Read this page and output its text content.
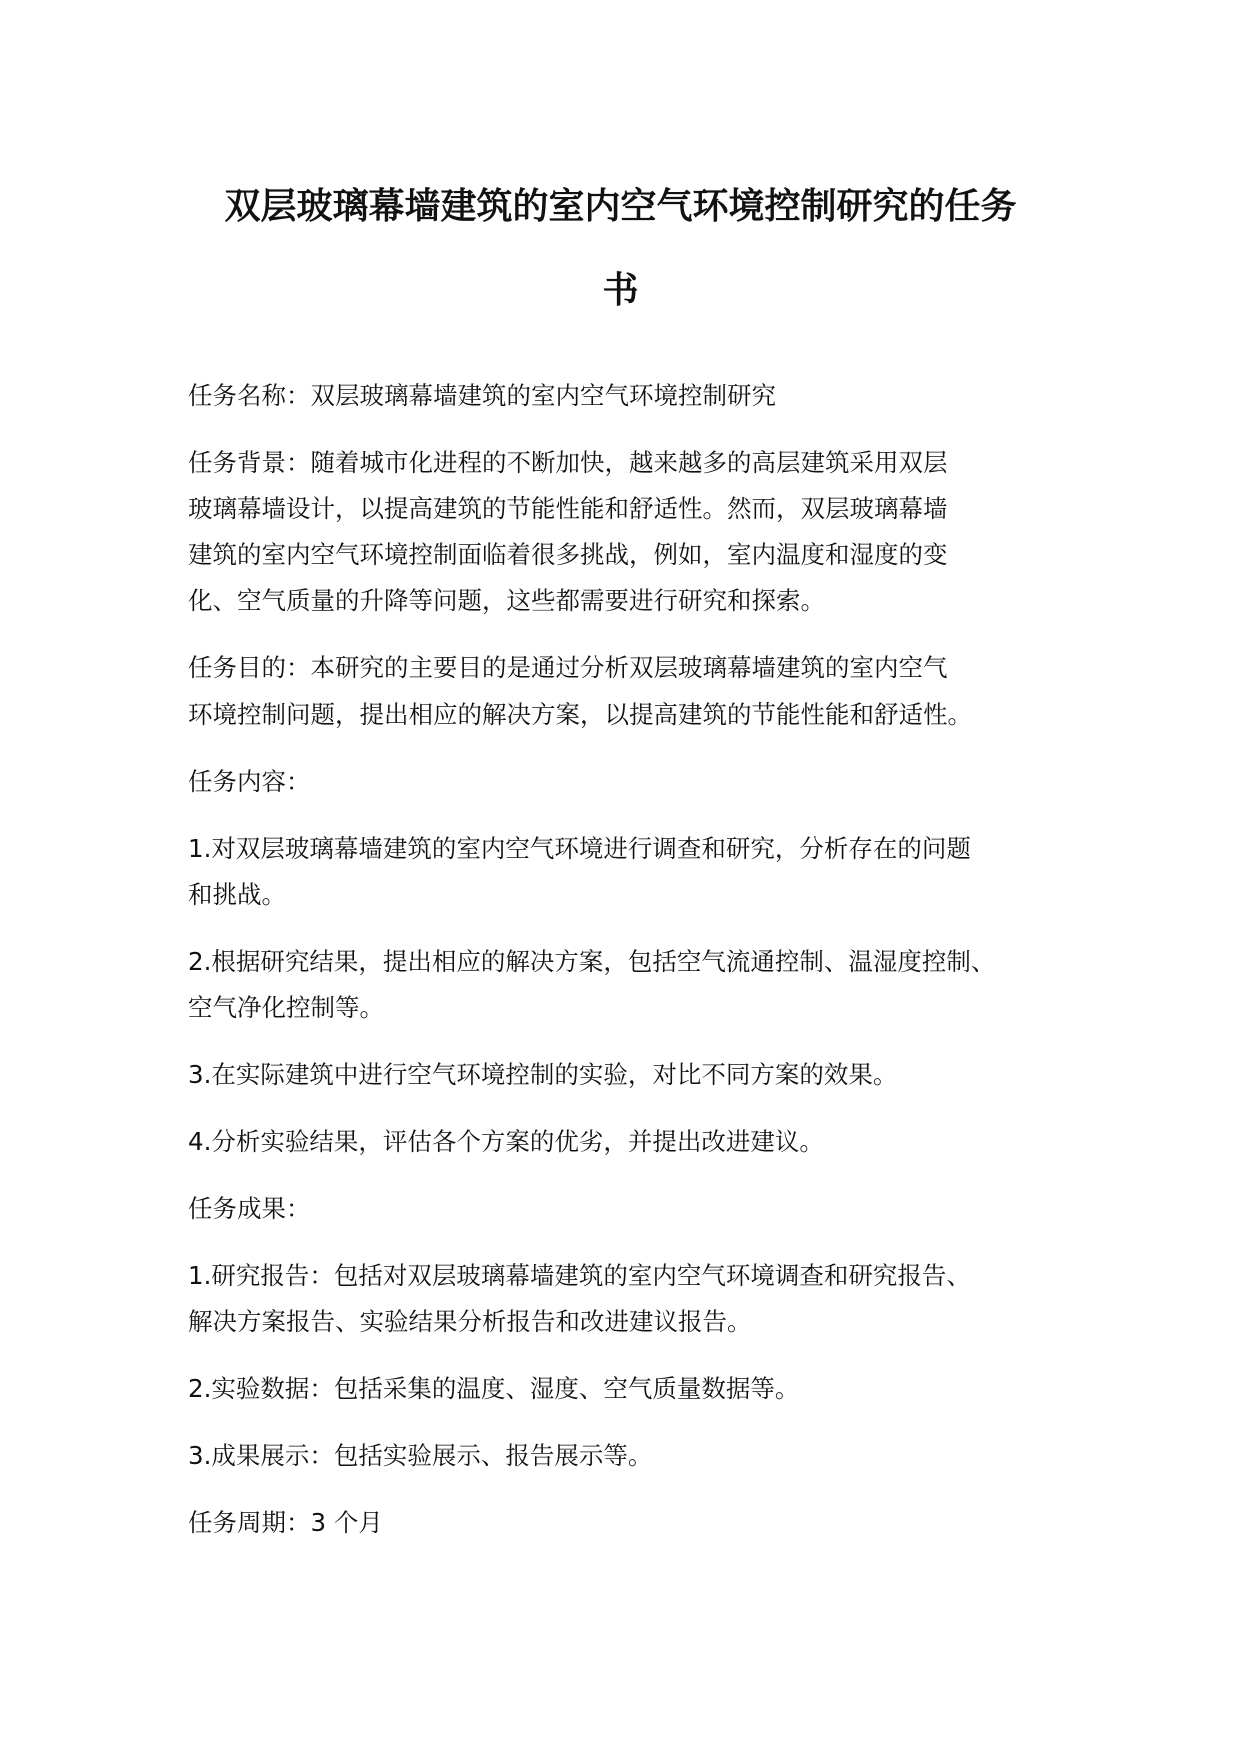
双层玻璃幕墙建筑的室内空气环境控制研究的任务
书

任务名称：双层玻璃幕墙建筑的室内空气环境控制研究

任务背景：随着城市化进程的不断加快，越来越多的高层建筑采用双层

玻璃幕墙设计，以提高建筑的节能性能和舒适性。然而，双层玻璃幕墙

建筑的室内空气环境控制面临着很多挑战，例如，室内温度和湿度的变

化、空气质量的升降等问题，这些都需要进行研究和探索。

任务目的：本研究的主要目的是通过分析双层玻璃幕墙建筑的室内空气

环境控制问题，提出相应的解决方案，以提高建筑的节能性能和舒适性。

任务内容：

1.对双层玻璃幕墙建筑的室内空气环境进行调查和研究，分析存在的问题

和挑战。

2.根据研究结果，提出相应的解决方案，包括空气流通控制、温湿度控制、

空气净化控制等。

3.在实际建筑中进行空气环境控制的实验，对比不同方案的效果。

4.分析实验结果，评估各个方案的优劣，并提出改进建议。

任务成果：

1.研究报告：包括对双层玻璃幕墙建筑的室内空气环境调查和研究报告、

解决方案报告、实验结果分析报告和改进建议报告。

2.实验数据：包括采集的温度、湿度、空气质量数据等。

3.成果展示：包括实验展示、报告展示等。

任务周期：3 个月
